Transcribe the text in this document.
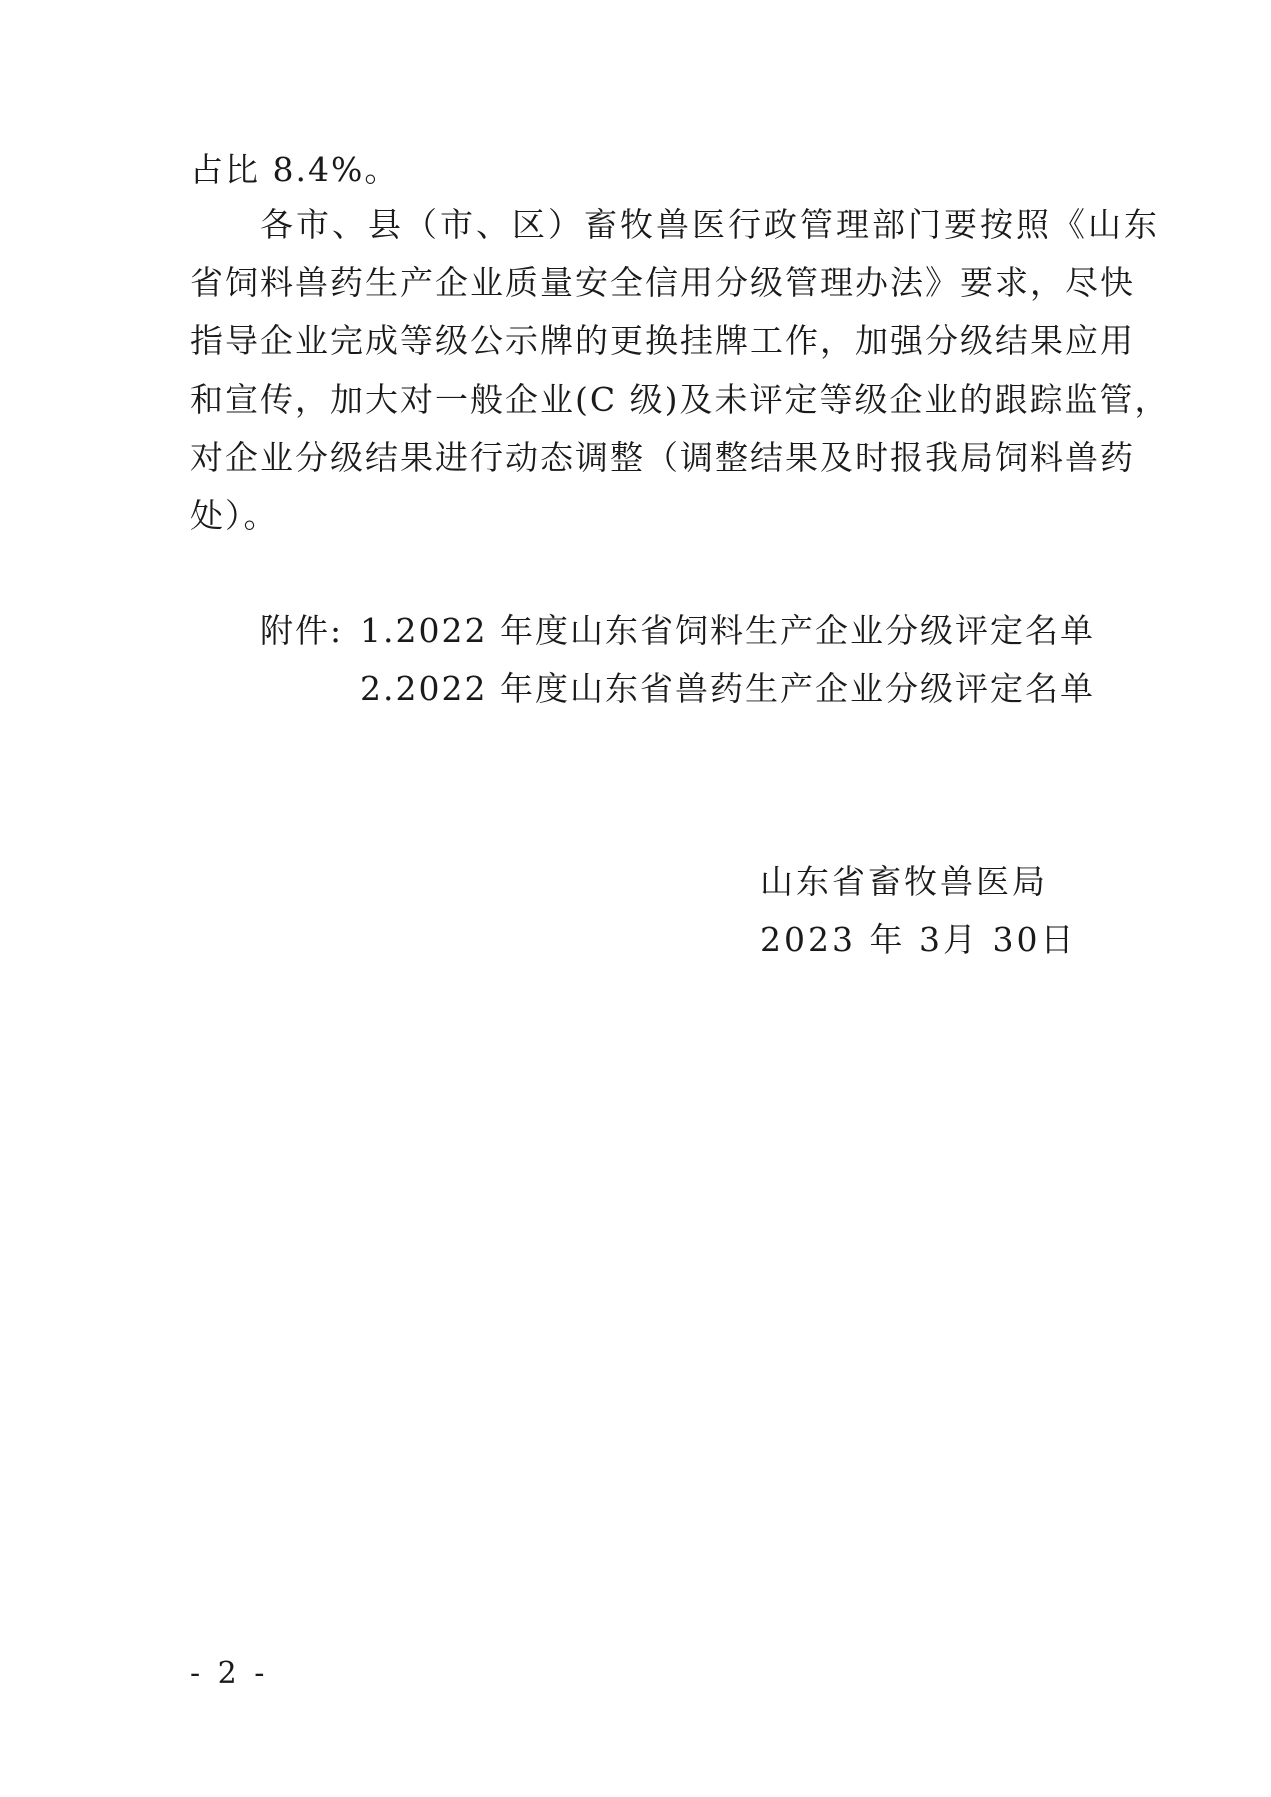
占比 8.4%。
各市、县（市、区）畜牧兽医行政管理部门要按照《山东
省饲料兽药生产企业质量安全信用分级管理办法》要求，尽快
指导企业完成等级公示牌的更换挂牌工作，加强分级结果应用
和宣传，加大对一般企业(C 级)及未评定等级企业的跟踪监管，
对企业分级结果进行动态调整（调整结果及时报我局饲料兽药
处）。
附件: 1.2022 年度山东省饲料生产企业分级评定名单
2.2022 年度山东省兽药生产企业分级评定名单
山东省畜牧兽医局
2023 年 3月 30日
- 2 -
